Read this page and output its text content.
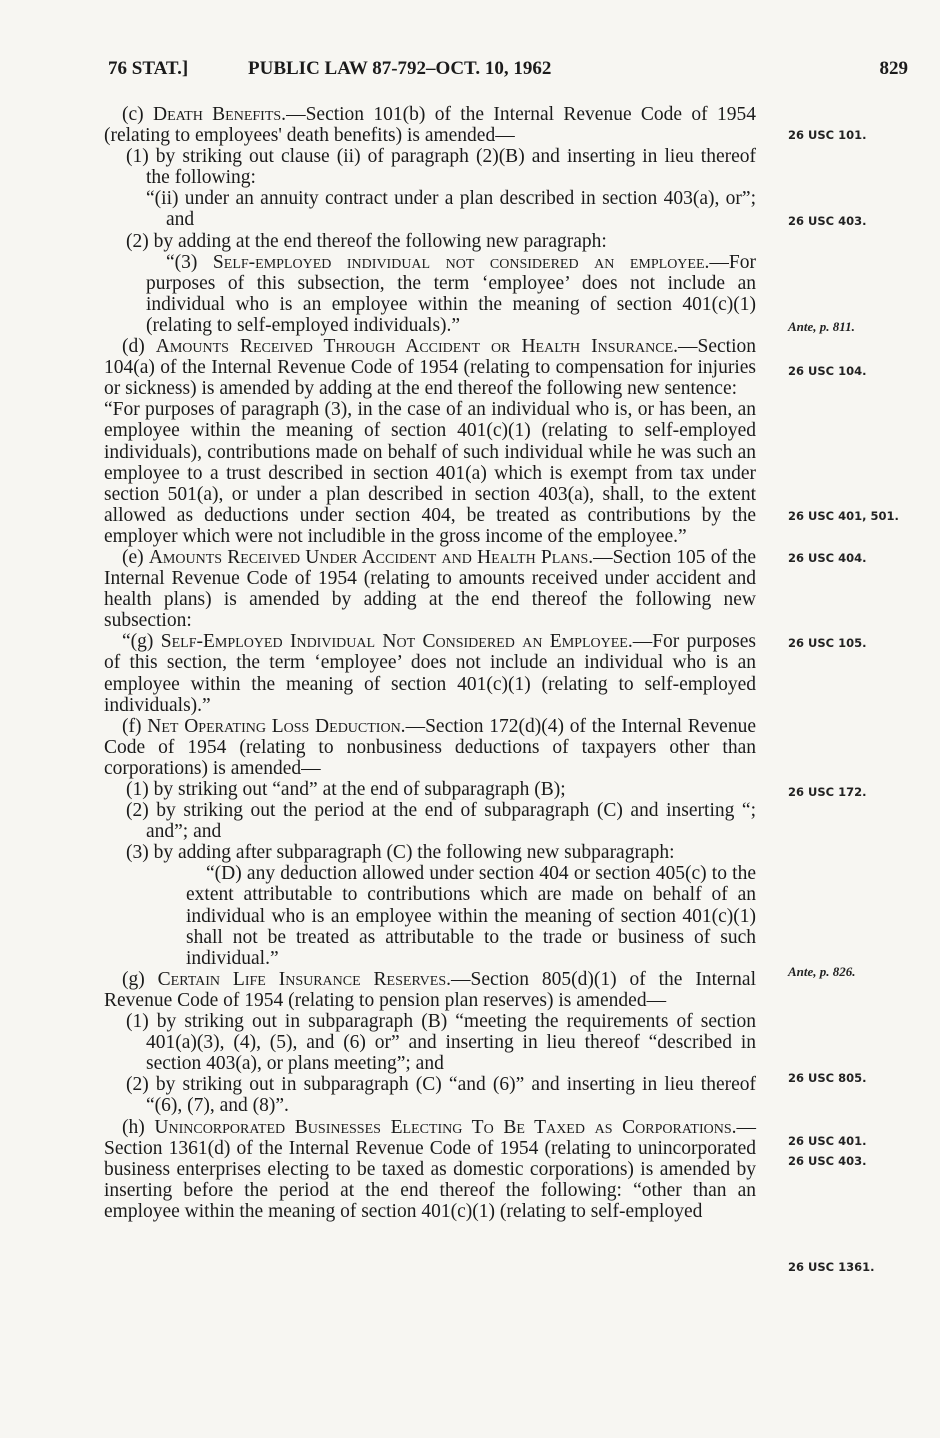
76 STAT.]	PUBLIC LAW 87-792–OCT. 10, 1962	829

(c) Death Benefits.—Section 101(b) of the Internal Revenue Code of 1954 (relating to employees' death benefits) is amended—

(1) by striking out clause (ii) of paragraph (2)(B) and inserting in lieu thereof the following:

“(ii) under an annuity contract under a plan described in section 403(a), or”; and

(2) by adding at the end thereof the following new paragraph:

“(3) Self-employed individual not considered an employee.—For purposes of this subsection, the term ‘employee’ does not include an individual who is an employee within the meaning of section 401(c)(1) (relating to self-employed individuals).”

(d) Amounts Received Through Accident or Health Insurance.—Section 104(a) of the Internal Revenue Code of 1954 (relating to compensation for injuries or sickness) is amended by adding at the end thereof the following new sentence:

“For purposes of paragraph (3), in the case of an individual who is, or has been, an employee within the meaning of section 401(c)(1) (relating to self-employed individuals), contributions made on behalf of such individual while he was such an employee to a trust described in section 401(a) which is exempt from tax under section 501(a), or under a plan described in section 403(a), shall, to the extent allowed as deductions under section 404, be treated as contributions by the employer which were not includible in the gross income of the employee.”

(e) Amounts Received Under Accident and Health Plans.—Section 105 of the Internal Revenue Code of 1954 (relating to amounts received under accident and health plans) is amended by adding at the end thereof the following new subsection:

“(g) Self-Employed Individual Not Considered an Employee.—For purposes of this section, the term ‘employee’ does not include an individual who is an employee within the meaning of section 401(c)(1) (relating to self-employed individuals).”

(f) Net Operating Loss Deduction.—Section 172(d)(4) of the Internal Revenue Code of 1954 (relating to nonbusiness deductions of taxpayers other than corporations) is amended—

(1) by striking out “and” at the end of subparagraph (B);

(2) by striking out the period at the end of subparagraph (C) and inserting “; and”; and

(3) by adding after subparagraph (C) the following new subparagraph:

“(D) any deduction allowed under section 404 or section 405(c) to the extent attributable to contributions which are made on behalf of an individual who is an employee within the meaning of section 401(c)(1) shall not be treated as attributable to the trade or business of such individual.”

(g) Certain Life Insurance Reserves.—Section 805(d)(1) of the Internal Revenue Code of 1954 (relating to pension plan reserves) is amended—

(1) by striking out in subparagraph (B) “meeting the requirements of section 401(a)(3), (4), (5), and (6) or” and inserting in lieu thereof “described in section 403(a), or plans meeting”; and

(2) by striking out in subparagraph (C) “and (6)” and inserting in lieu thereof “(6), (7), and (8)”.

(h) Unincorporated Businesses Electing To Be Taxed as Corporations.—Section 1361(d) of the Internal Revenue Code of 1954 (relating to unincorporated business enterprises electing to be taxed as domestic corporations) is amended by inserting before the period at the end thereof the following: “other than an employee within the meaning of section 401(c)(1) (relating to self-employed

26 USC 101.
26 USC 403.
Ante, p. 811.
26 USC 104.
26 USC 401, 501.
26 USC 404.
26 USC 105.
26 USC 172.
Ante, p. 826.
26 USC 805.
26 USC 401.
26 USC 403.
26 USC 1361.
